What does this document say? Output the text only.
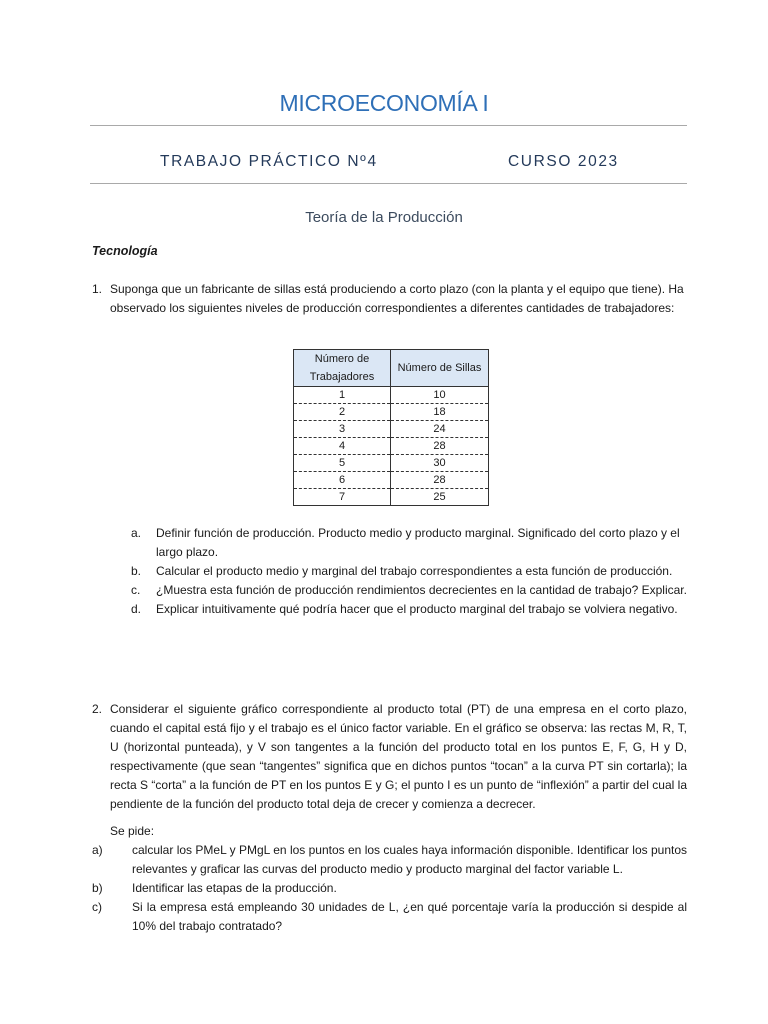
MICROECONOMÍA I
TRABAJO PRÁCTICO Nº4	CURSO 2023
Teoría de la Producción
Tecnología
1. Suponga que un fabricante de sillas está produciendo a corto plazo (con la planta y el equipo que tiene). Ha observado los siguientes niveles de producción correspondientes a diferentes cantidades de trabajadores:
Número de Trabajadores	Número de Sillas
1	10
2	18
3	24
4	28
5	30
6	28
7	25
a. Definir función de producción. Producto medio y producto marginal. Significado del corto plazo y el largo plazo.
b. Calcular el producto medio y marginal del trabajo correspondientes a esta función de producción.
c. ¿Muestra esta función de producción rendimientos decrecientes en la cantidad de trabajo? Explicar.
d. Explicar intuitivamente qué podría hacer que el producto marginal del trabajo se volviera negativo.
2. Considerar el siguiente gráfico correspondiente al producto total (PT) de una empresa en el corto plazo, cuando el capital está fijo y el trabajo es el único factor variable. En el gráfico se observa: las rectas M, R, T, U (horizontal punteada), y V son tangentes a la función del producto total en los puntos E, F, G, H y D, respectivamente (que sean “tangentes” significa que en dichos puntos “tocan” a la curva PT sin cortarla); la recta S “corta” a la función de PT en los puntos E y G; el punto I es un punto de “inflexión” a partir del cual la pendiente de la función del producto total deja de crecer y comienza a decrecer.
Se pide:
a) calcular los PMeL y PMgL en los puntos en los cuales haya información disponible. Identificar los puntos relevantes y graficar las curvas del producto medio y producto marginal del factor variable L.
b) Identificar las etapas de la producción.
c)	Si la empresa está empleando 30 unidades de L, ¿en qué porcentaje varía la producción si despide al 10% del trabajo contratado?
